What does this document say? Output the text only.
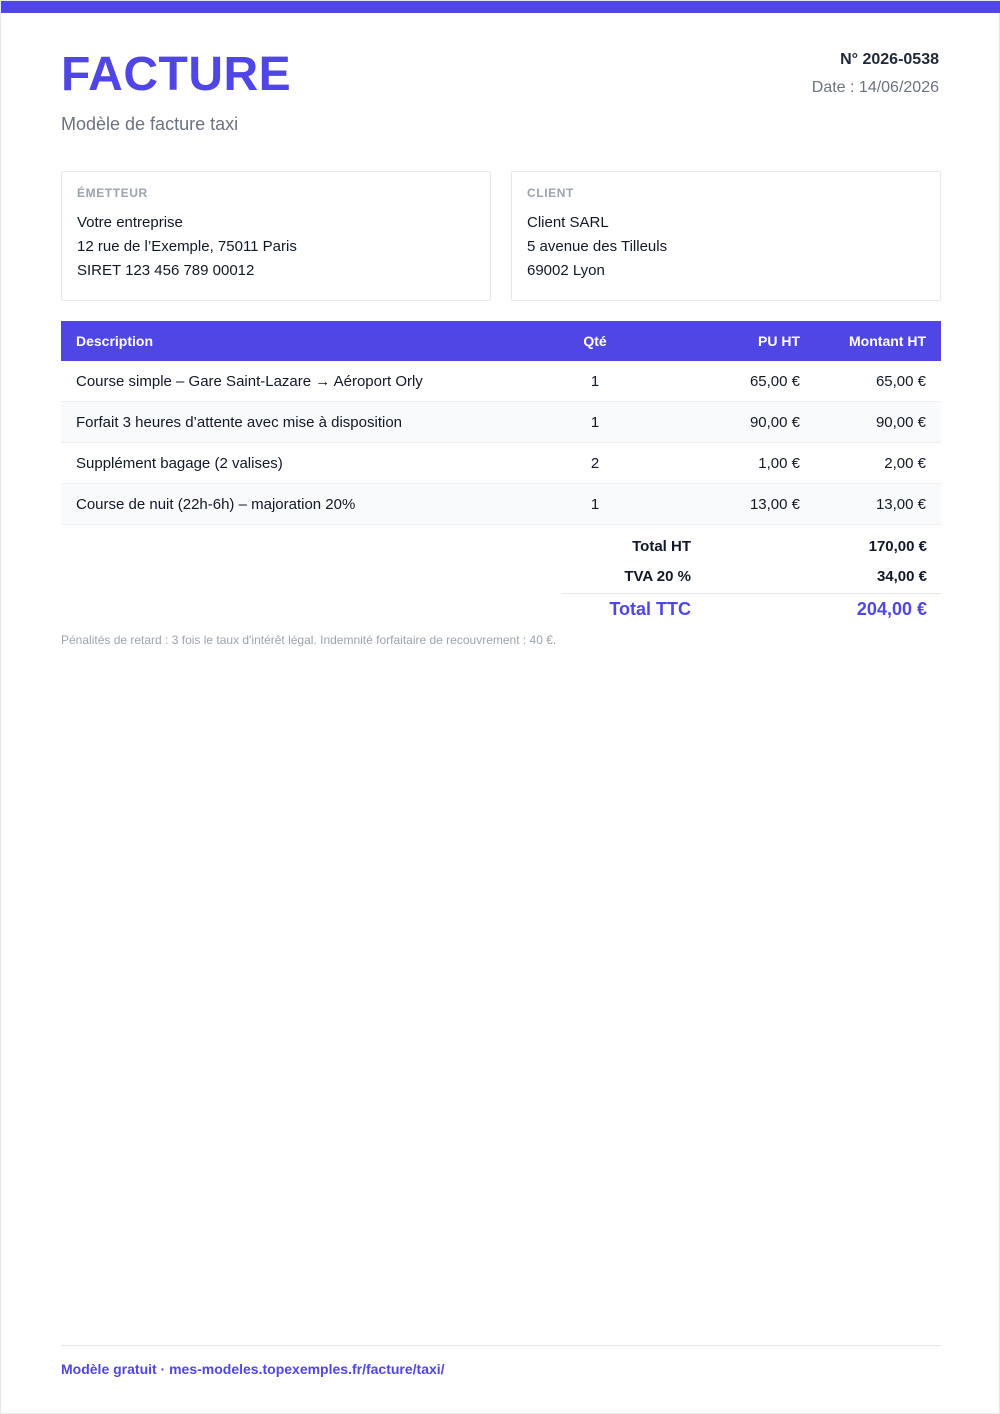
FACTURE
Modèle de facture taxi
N° 2026-0538
Date : 14/06/2026
ÉMETTEUR
Votre entreprise
12 rue de l’Exemple, 75011 Paris
SIRET 123 456 789 00012
CLIENT
Client SARL
5 avenue des Tilleuls
69002 Lyon
Description	Qté	PU HT	Montant HT
Course simple – Gare Saint-Lazare → Aéroport Orly	1	65,00 €	65,00 €
Forfait 3 heures d’attente avec mise à disposition	1	90,00 €	90,00 €
Supplément bagage (2 valises)	2	1,00 €	2,00 €
Course de nuit (22h-6h) – majoration 20%	1	13,00 €	13,00 €
Total HT	170,00 €
TVA 20 %	34,00 €
Total TTC	204,00 €
Pénalités de retard : 3 fois le taux d'intérêt légal. Indemnité forfaitaire de recouvrement : 40 €.
Modèle gratuit · mes-modeles.topexemples.fr/facture/taxi/
